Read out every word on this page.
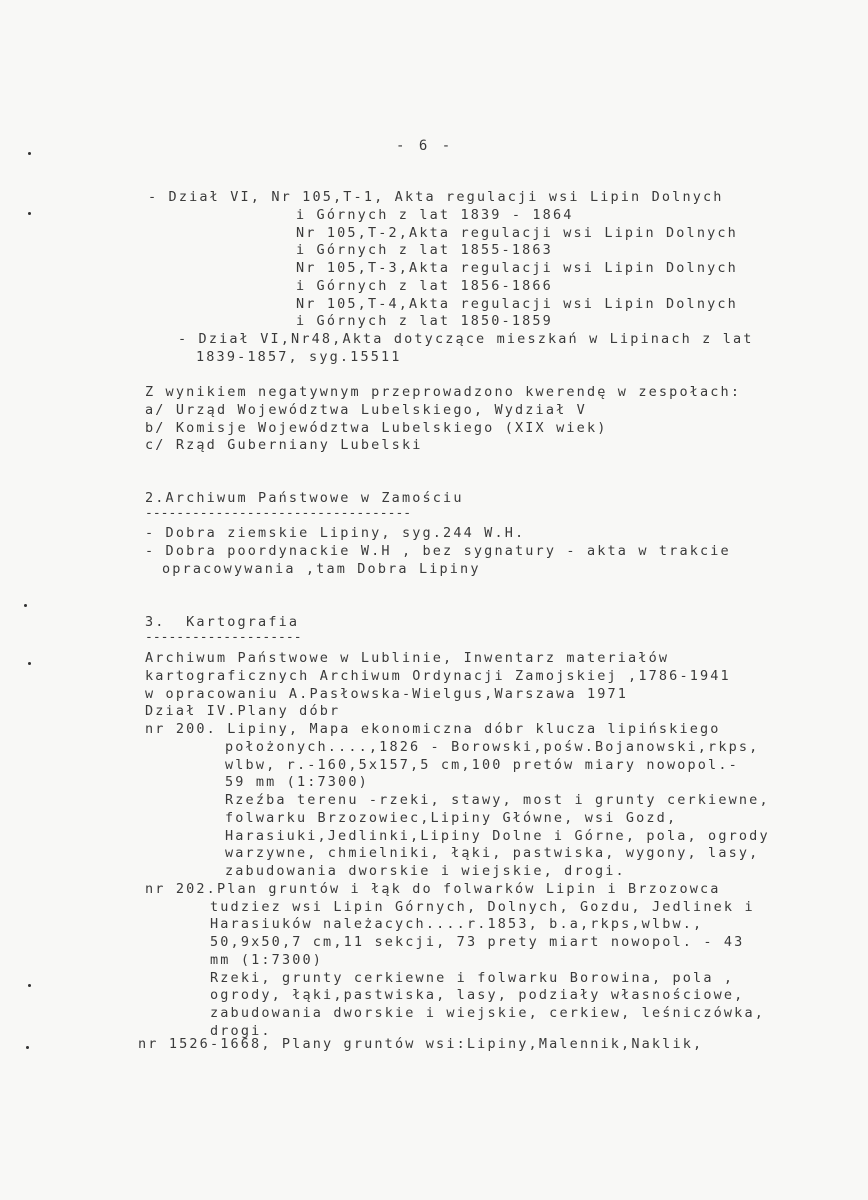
- 6 -
- Dział VI, Nr 105,T-1, Akta regulacji wsi Lipin Dolnych
i Górnych z lat 1839 - 1864
Nr 105,T-2,Akta regulacji wsi Lipin Dolnych
i Górnych z lat 1855-1863
Nr 105,T-3,Akta regulacji wsi Lipin Dolnych
i Górnych z lat 1856-1866
Nr 105,T-4,Akta regulacji wsi Lipin Dolnych
i Górnych z lat 1850-1859
- Dział VI,Nr48,Akta dotyczące mieszkań w Lipinach z lat
1839-1857, syg.15511
Z wynikiem negatywnym przeprowadzono kwerendę w zespołach:
a/ Urząd Województwa Lubelskiego, Wydział V
b/ Komisje Województwa Lubelskiego (XIX wiek)
c/ Rząd Guberniany Lubelski
2.Archiwum Państwowe w Zamościu
----------------------------------
- Dobra ziemskie Lipiny, syg.244 W.H.
- Dobra poordynackie W.H , bez sygnatury - akta w trakcie
opracowywania ,tam Dobra Lipiny
3.  Kartografia
--------------------
Archiwum Państwowe w Lublinie, Inwentarz materiałów
kartograficznych Archiwum Ordynacji Zamojskiej ,1786-1941
w opracowaniu A.Pasłowska-Wielgus,Warszawa 1971
Dział IV.Plany dóbr
nr 200. Lipiny, Mapa ekonomiczna dóbr klucza lipińskiego
położonych....,1826 - Borowski,pośw.Bojanowski,rkps,
wlbw, r.-160,5x157,5 cm,100 pretów miary nowopol.-
59 mm (1:7300)
Rzeźba terenu -rzeki, stawy, most i grunty cerkiewne,
folwarku Brzozowiec,Lipiny Główne, wsi Gozd,
Harasiuki,Jedlinki,Lipiny Dolne i Górne, pola, ogrody
warzywne, chmielniki, łąki, pastwiska, wygony, lasy,
zabudowania dworskie i wiejskie, drogi.
nr 202.Plan gruntów i łąk do folwarków Lipin i Brzozowca
tudziez wsi Lipin Górnych, Dolnych, Gozdu, Jedlinek i
Harasiuków należacych....r.1853, b.a,rkps,wlbw.,
50,9x50,7 cm,11 sekcji, 73 prety miart nowopol. - 43
mm (1:7300)
Rzeki, grunty cerkiewne i folwarku Borowina, pola ,
ogrody, łąki,pastwiska, lasy, podziały własnościowe,
zabudowania dworskie i wiejskie, cerkiew, leśniczówka,
drogi.
nr 1526-1668, Plany gruntów wsi:Lipiny,Malennik,Naklik,
